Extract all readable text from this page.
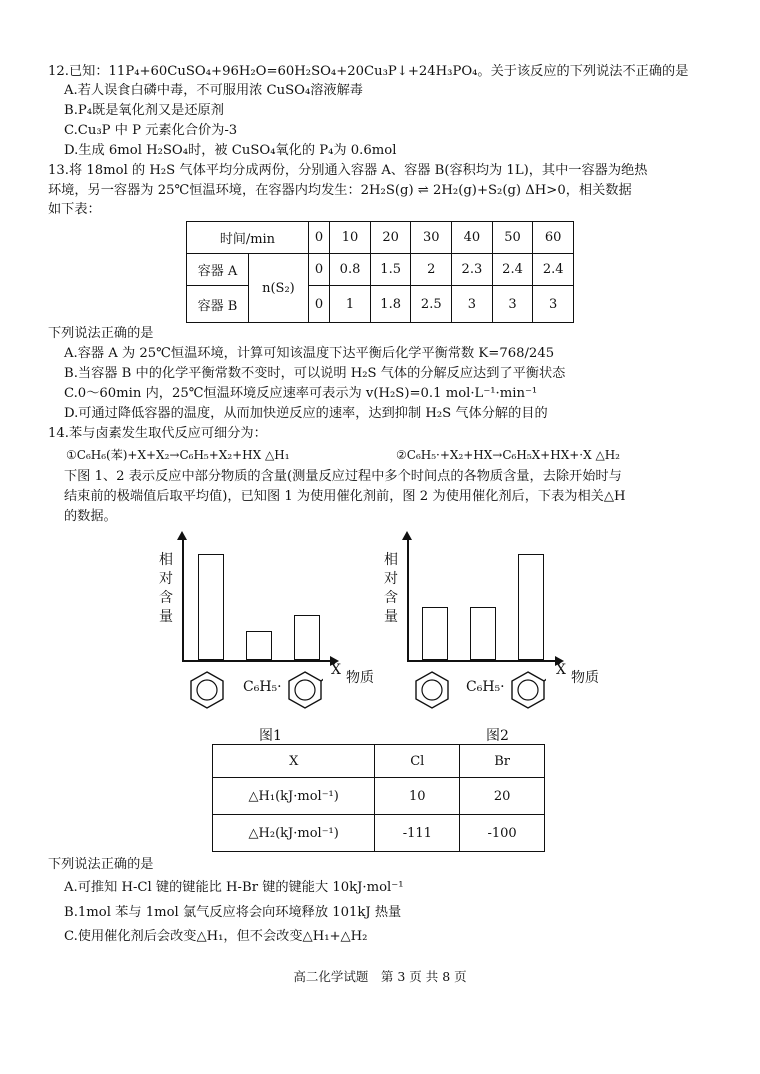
12.已知：11P₄+60CuSO₄+96H₂O=60H₂SO₄+20Cu₃P↓+24H₃PO₄。关于该反应的下列说法不正确的是
A.若人误食白磷中毒，不可服用浓 CuSO₄溶液解毒
B.P₄既是氧化剂又是还原剂
C.Cu₃P 中 P 元素化合价为-3
D.生成 6mol H₂SO₄时，被 CuSO₄氧化的 P₄为 0.6mol
13.将 18mol 的 H₂S 气体平均分成两份，分别通入容器 A、容器 B(容积均为 1L)，其中一容器为绝热
环境，另一容器为 25℃恒温环境，在容器内均发生：2H₂S(g) ⇌ 2H₂(g)+S₂(g) ΔH>0，相关数据
如下表：
时间/min		0	10	20	30	40	50	60
容器 A	n(S₂)	0	0.8	1.5	2	2.3	2.4	2.4
容器 B		0	1	1.8	2.5	3	3	3
下列说法正确的是
A.容器 A 为 25℃恒温环境，计算可知该温度下达平衡后化学平衡常数 K=768/245
B.当容器 B 中的化学平衡常数不变时，可以说明 H₂S 气体的分解反应达到了平衡状态
C.0～60min 内，25℃恒温环境反应速率可表示为 v(H₂S)=0.1 mol·L⁻¹·min⁻¹
D.可通过降低容器的温度，从而加快逆反应的速率，达到抑制 H₂S 气体分解的目的
14.苯与卤素发生取代反应可细分为：
①C₆H₆(苯)+X+X₂→C₆H₅+X₂+HX △H₁	②C₆H₅·+X₂+HX→C₆H₅X+HX+·X △H₂
下图 1、2 表示反应中部分物质的含量(测量反应过程中多个时间点的各物质含量，去除开始时与
结束前的极端值后取平均值)，已知图 1 为使用催化剂前，图 2 为使用催化剂后，下表为相关△H
的数据。
相对含量
C₆H₅·
X 物质
图1
相对含量
C₆H₅·
X 物质
图2
X	Cl	Br
△H₁(kJ·mol⁻¹)	10	20
△H₂(kJ·mol⁻¹)	-111	-100
下列说法正确的是
A.可推知 H-Cl 键的键能比 H-Br 键的键能大 10kJ·mol⁻¹
B.1mol 苯与 1mol 氯气反应将会向环境释放 101kJ 热量
C.使用催化剂后会改变△H₁，但不会改变△H₁+△H₂
高二化学试题　第 3 页 共 8 页
